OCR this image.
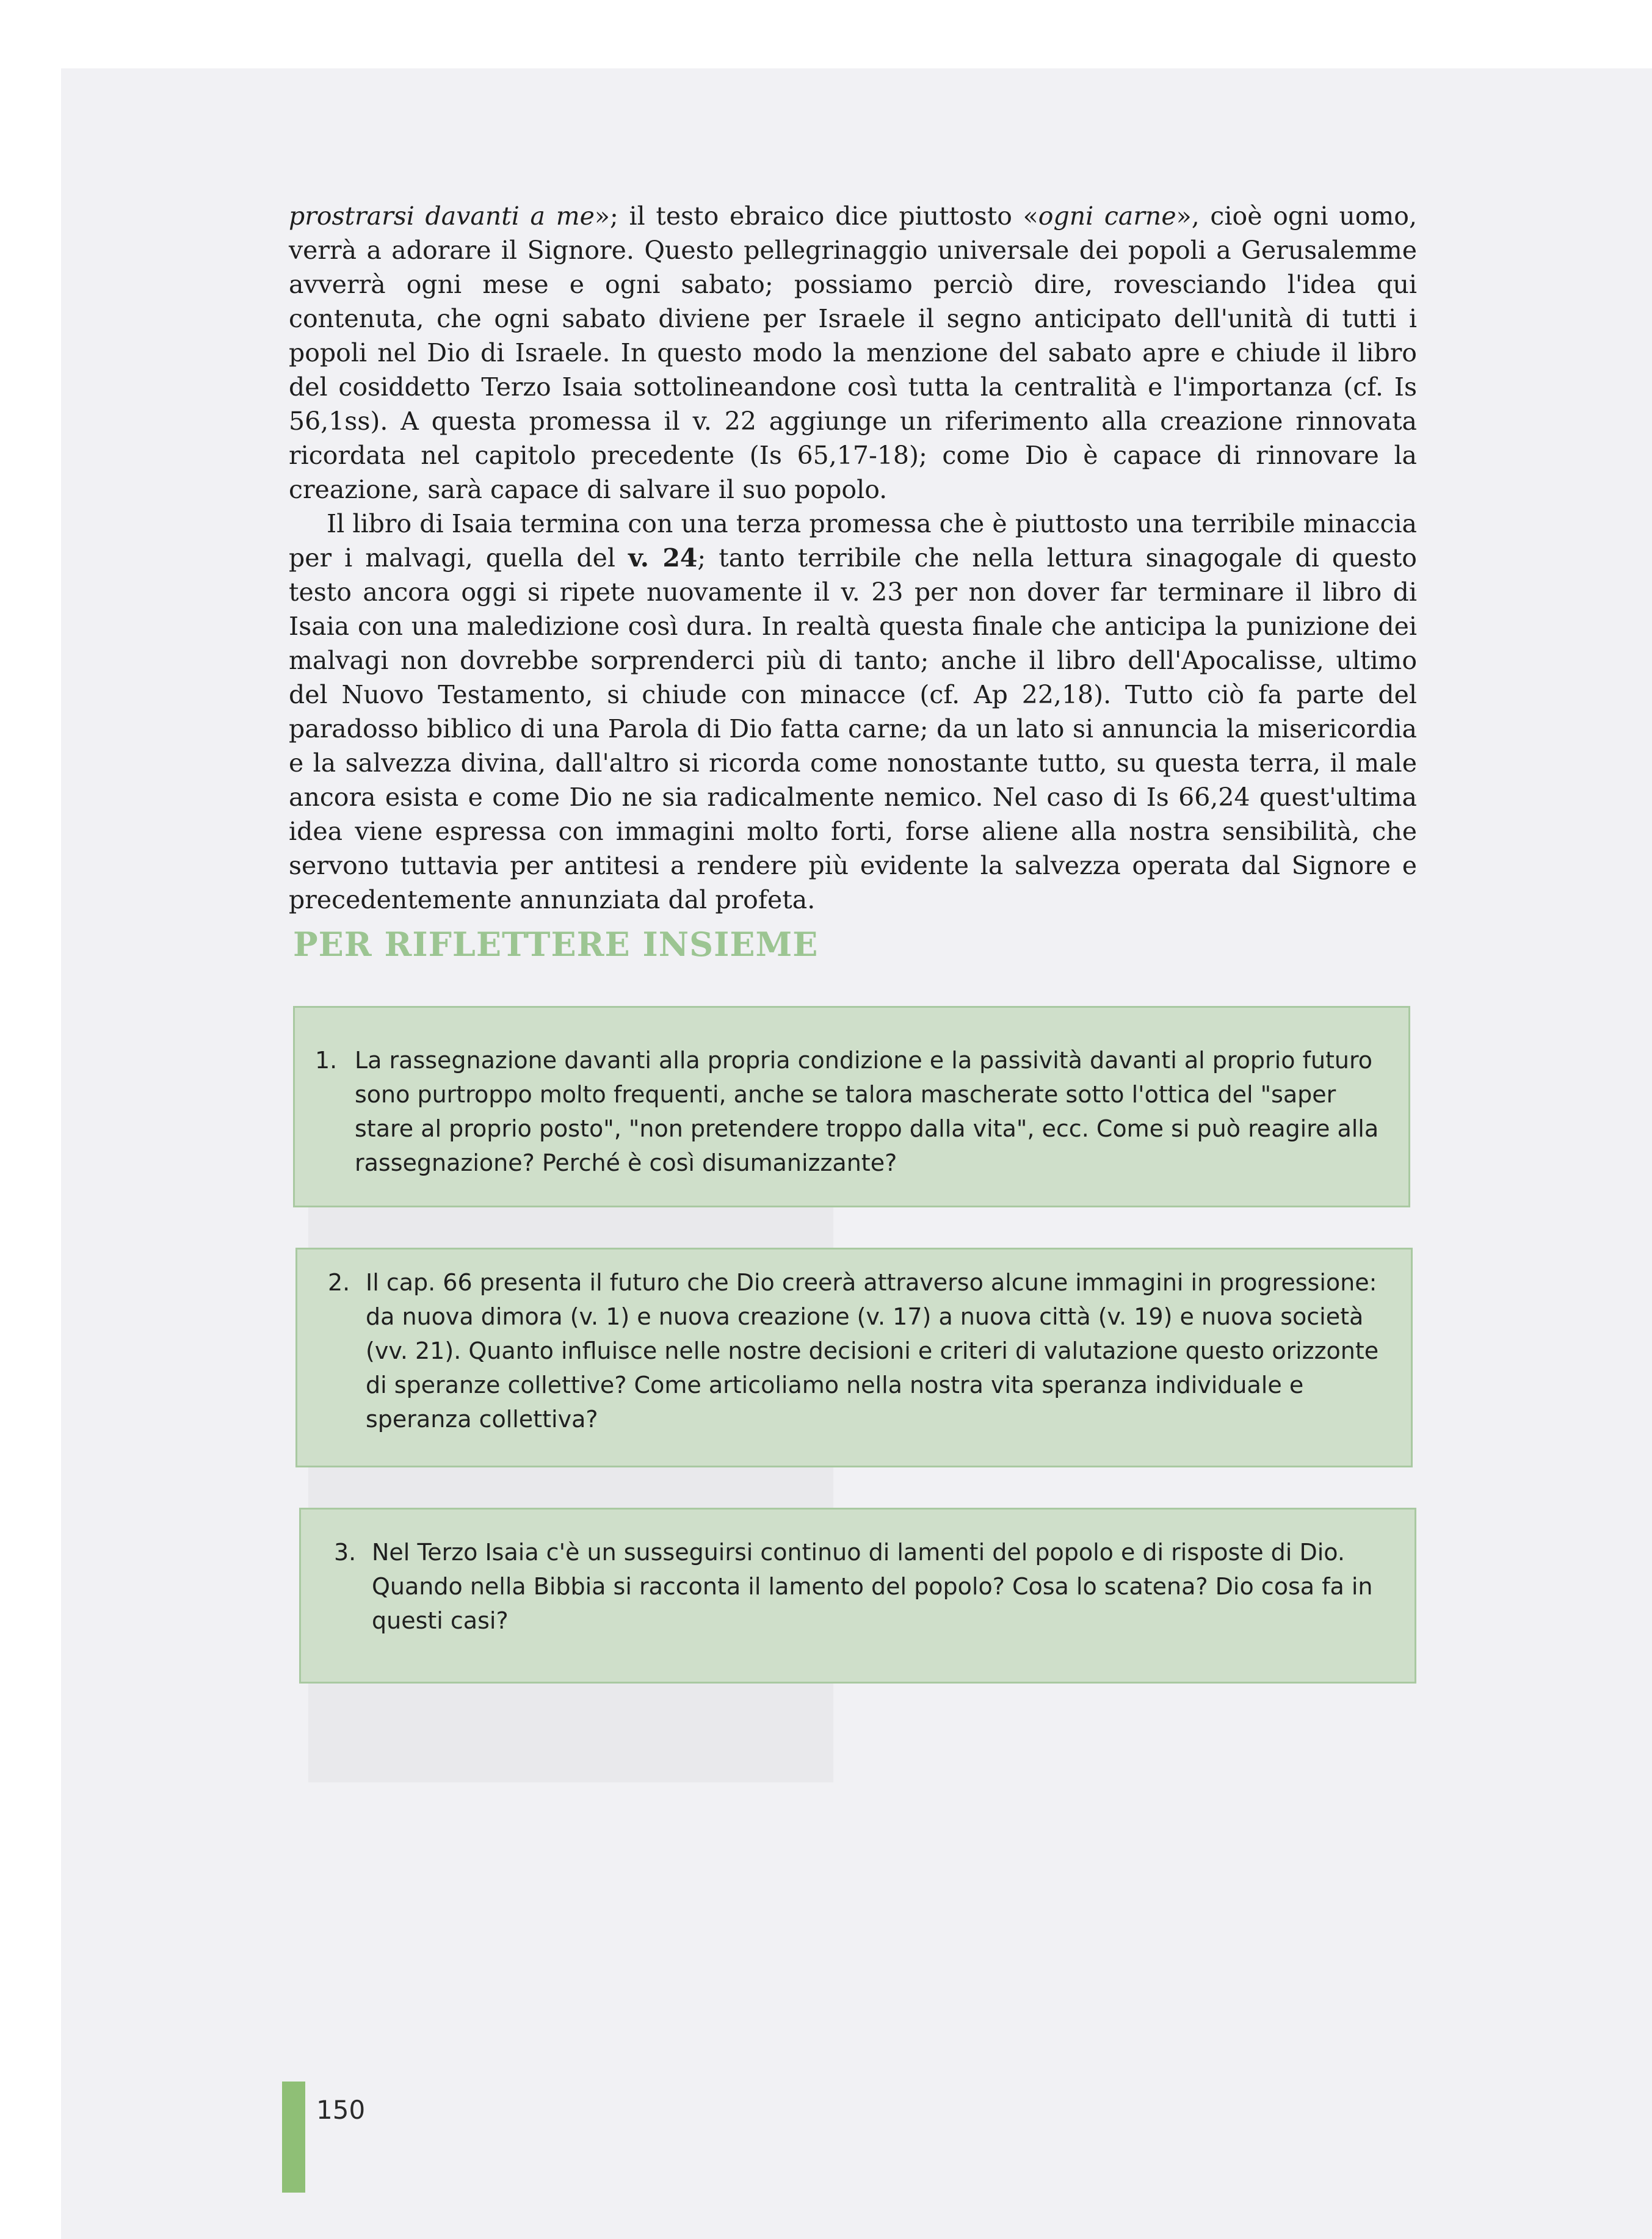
prostrarsi davanti a me»; il testo ebraico dice piuttosto «ogni carne», cioè ogni uomo, verrà a adorare il Signore. Questo pellegrinaggio universale dei popoli a Gerusalemme avverrà ogni mese e ogni sabato; possiamo perciò dire, rovesciando l'idea qui contenuta, che ogni sabato diviene per Israele il segno anticipato dell'unità di tutti i popoli nel Dio di Israele. In questo modo la menzione del sabato apre e chiude il libro del cosiddetto Terzo Isaia sottolineandone così tutta la centralità e l'importanza (cf. Is 56,1ss). A questa promessa il v. 22 aggiunge un riferimento alla creazione rinnovata ricordata nel capitolo precedente (Is 65,17-18); come Dio è capace di rinnovare la creazione, sarà capace di salvare il suo popolo.

Il libro di Isaia termina con una terza promessa che è piuttosto una terribile minaccia per i malvagi, quella del v. 24; tanto terribile che nella lettura sinagogale di questo testo ancora oggi si ripete nuovamente il v. 23 per non dover far terminare il libro di Isaia con una maledizione così dura. In realtà questa finale che anticipa la punizione dei malvagi non dovrebbe sorprenderci più di tanto; anche il libro dell'Apocalisse, ultimo del Nuovo Testamento, si chiude con minacce (cf. Ap 22,18). Tutto ciò fa parte del paradosso biblico di una Parola di Dio fatta carne; da un lato si annuncia la misericordia e la salvezza divina, dall'altro si ricorda come nonostante tutto, su questa terra, il male ancora esista e come Dio ne sia radicalmente nemico. Nel caso di Is 66,24 quest'ultima idea viene espressa con immagini molto forti, forse aliene alla nostra sensibilità, che servono tuttavia per antitesi a rendere più evidente la salvezza operata dal Signore e precedentemente annunziata dal profeta.

PER RIFLETTERE INSIEME
1. La rassegnazione davanti alla propria condizione e la passività davanti al proprio futuro sono purtroppo molto frequenti, anche se talora mascherate sotto l'ottica del "saper stare al proprio posto", "non pretendere troppo dalla vita", ecc. Come si può reagire alla rassegnazione? Perché è così disumanizzante?
2. Il cap. 66 presenta il futuro che Dio creerà attraverso alcune immagini in progressione: da nuova dimora (v. 1) e nuova creazione (v. 17) a nuova città (v. 19) e nuova società (vv. 21). Quanto influisce nelle nostre decisioni e criteri di valutazione questo orizzonte di speranze collettive? Come articoliamo nella nostra vita speranza individuale e speranza collettiva?
3. Nel Terzo Isaia c'è un susseguirsi continuo di lamenti del popolo e di risposte di Dio. Quando nella Bibbia si racconta il lamento del popolo? Cosa lo scatena? Dio cosa fa in questi casi?
150
